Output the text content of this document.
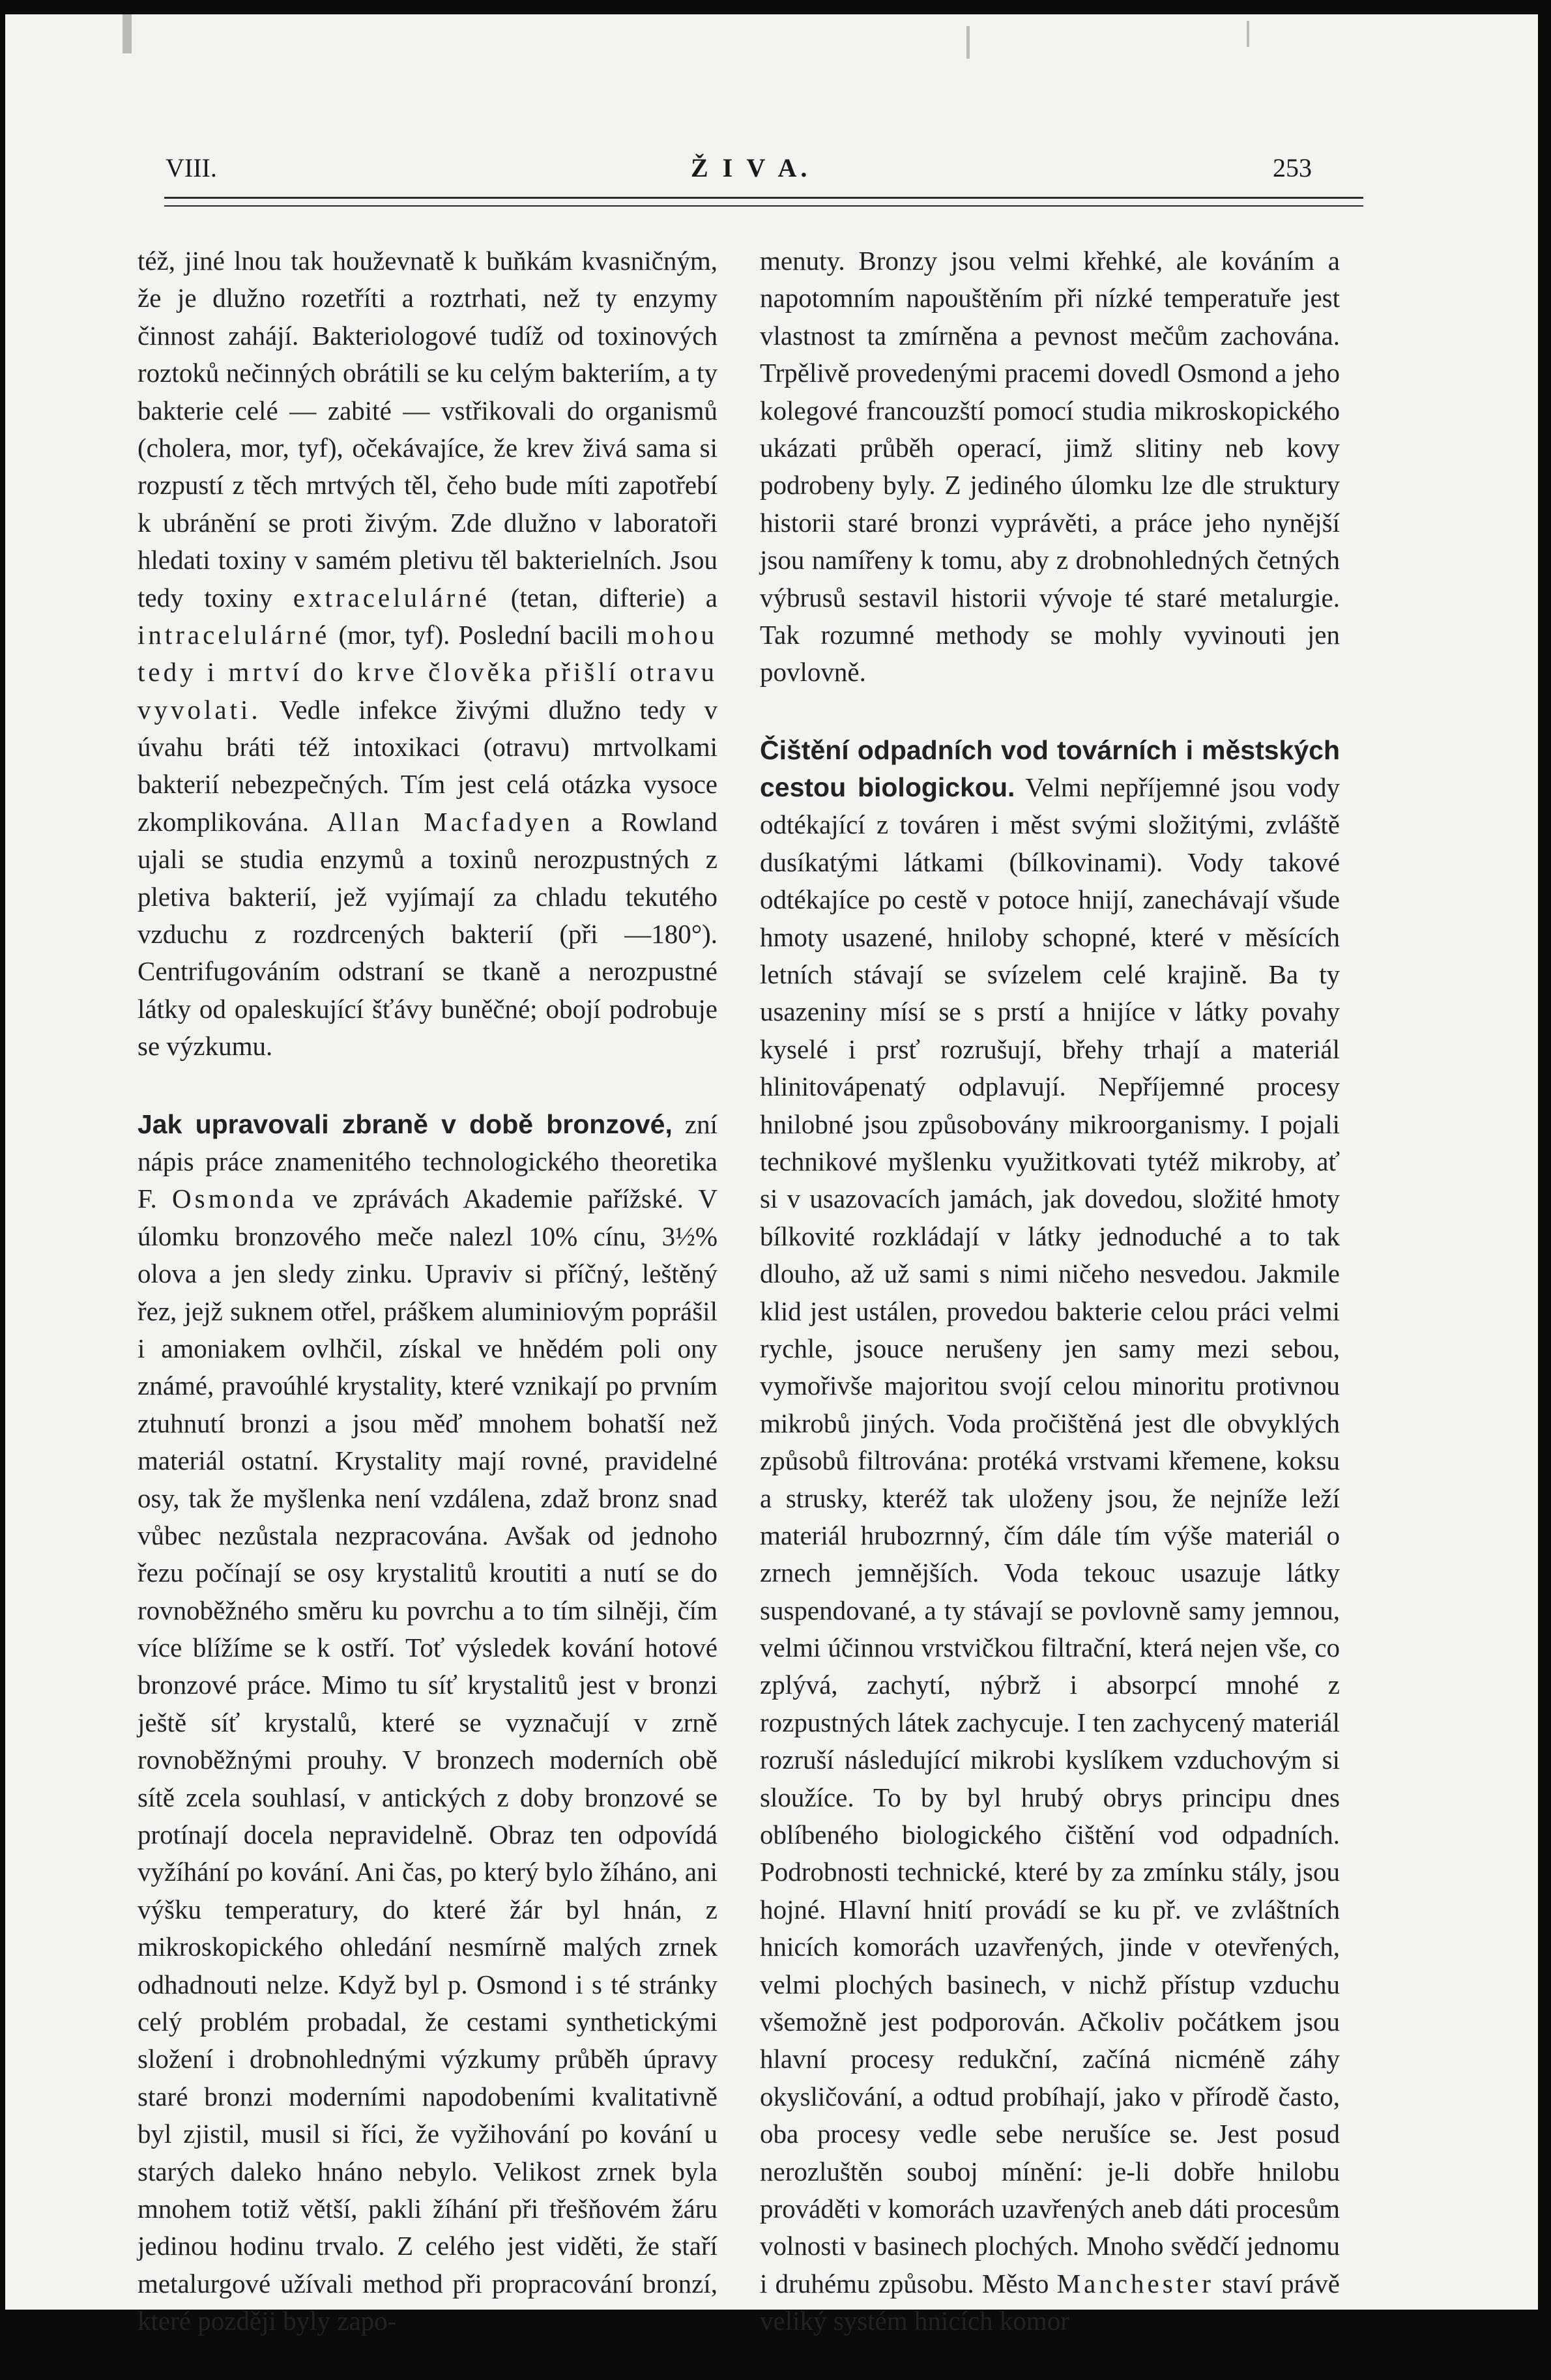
VIII.	Ž I V A.	253

též, jiné lnou tak houževnatě k buňkám kvasničným, že je dlužno rozetříti a roztrhati, než ty enzymy činnost zahájí. Bakteriologové tudíž od toxinových roztoků nečinných obrátili se ku celým bakteriím, a ty bakterie celé — zabité — vstřikovali do organismů (cholera, mor, tyf), očekávajíce, že krev živá sama si rozpustí z těch mrtvých těl, čeho bude míti zapotřebí k ubránění se proti živým. Zde dlužno v laboratoři hledati toxiny v samém pletivu těl bakterielních. Jsou tedy toxiny extracelulárné (tetan, difterie) a intracelulárné (mor, tyf). Poslední bacili mohou tedy i mrtví do krve člověka přišlí otravu vyvolati. Vedle infekce živými dlužno tedy v úvahu bráti též intoxikaci (otravu) mrtvolkami bakterií nebezpečných. Tím jest celá otázka vysoce zkomplikována. Allan Macfadyen a Rowland ujali se studia enzymů a toxinů nerozpustných z pletiva bakterií, jež vyjímají za chladu tekutého vzduchu z rozdrcených bakterií (při —180°). Centrifugováním odstraní se tkaně a nerozpustné látky od opaleskující šťávy buněčné; obojí podrobuje se výzkumu.

Jak upravovali zbraně v době bronzové, zní nápis práce znamenitého technologického theoretika F. Osmonda ve zprávách Akademie pařížské. V úlomku bronzového meče nalezl 10% cínu, 3½% olova a jen sledy zinku. Upraviv si příčný, leštěný řez, jejž suknem otřel, práškem aluminiovým poprášil i amoniakem ovlhčil, získal ve hnědém poli ony známé, pravoúhlé krystality, které vznikají po prvním ztuhnutí bronzi a jsou měď mnohem bohatší než materiál ostatní. Krystality mají rovné, pravidelné osy, tak že myšlenka není vzdálena, zdaž bronz snad vůbec nezůstala nezpracována. Avšak od jednoho řezu počínají se osy krystalitů kroutiti a nutí se do rovnoběžného směru ku povrchu a to tím silněji, čím více blížíme se k ostří. Toť výsledek kování hotové bronzové práce. Mimo tu síť krystalitů jest v bronzi ještě síť krystalů, které se vyznačují v zrně rovnoběžnými prouhy. V bronzech moderních obě sítě zcela souhlasí, v antických z doby bronzové se protínají docela nepravidelně. Obraz ten odpovídá vyžíhání po kování. Ani čas, po který bylo žíháno, ani výšku temperatury, do které žár byl hnán, z mikroskopického ohledání nesmírně malých zrnek odhadnouti nelze. Když byl p. Osmond i s té stránky celý problém probadal, že cestami synthetickými složení i drobnohlednými výzkumy průběh úpravy staré bronzi moderními napodobeními kvalitativně byl zjistil, musil si říci, že vyžihování po kování u starých daleko hnáno nebylo. Velikost zrnek byla mnohem totiž větší, pakli žíhání při třešňovém žáru jedinou hodinu trvalo. Z celého jest viděti, že staří metalurgové užívali method při propracování bronzí, které později byly zapo-

menuty. Bronzy jsou velmi křehké, ale kováním a napotomním napouštěním při nízké temperatuře jest vlastnost ta zmírněna a pevnost mečům zachována. Trpělivě provedenými pracemi dovedl Osmond a jeho kolegové francouzští pomocí studia mikroskopického ukázati průběh operací, jimž slitiny neb kovy podrobeny byly. Z jediného úlomku lze dle struktury historii staré bronzi vyprávěti, a práce jeho nynější jsou namířeny k tomu, aby z drobnohledných četných výbrusů sestavil historii vývoje té staré metalurgie. Tak rozumné methody se mohly vyvinouti jen povlovně.

Čištění odpadních vod továrních i městských cestou biologickou. Velmi nepříjemné jsou vody odtékající z továren i měst svými složitými, zvláště dusíkatými látkami (bílkovinami). Vody takové odtékajíce po cestě v potoce hnijí, zanechávají všude hmoty usazené, hniloby schopné, které v měsících letních stávají se svízelem celé krajině. Ba ty usazeniny mísí se s prstí a hnijíce v látky povahy kyselé i prsť rozrušují, břehy trhají a materiál hlinitovápenatý odplavují. Nepříjemné procesy hnilobné jsou způsobovány mikroorganismy. I pojali technikové myšlenku využitkovati tytéž mikroby, ať si v usazovacích jamách, jak dovedou, složité hmoty bílkovité rozkládají v látky jednoduché a to tak dlouho, až už sami s nimi ničeho nesvedou. Jakmile klid jest ustálen, provedou bakterie celou práci velmi rychle, jsouce nerušeny jen samy mezi sebou, vymořivše majoritou svojí celou minoritu protivnou mikrobů jiných. Voda pročištěná jest dle obvyklých způsobů filtrována: protéká vrstvami křemene, koksu a strusky, kteréž tak uloženy jsou, že nejníže leží materiál hrubozrnný, čím dále tím výše materiál o zrnech jemnějších. Voda tekouc usazuje látky suspendované, a ty stávají se povlovně samy jemnou, velmi účinnou vrstvičkou filtrační, která nejen vše, co zplývá, zachytí, nýbrž i absorpcí mnohé z rozpustných látek zachycuje. I ten zachycený materiál rozruší následující mikrobi kyslíkem vzduchovým si sloužíce. To by byl hrubý obrys principu dnes oblíbeného biologického čištění vod odpadních. Podrobnosti technické, které by za zmínku stály, jsou hojné. Hlavní hnití provádí se ku př. ve zvláštních hnicích komorách uzavřených, jinde v otevřených, velmi plochých basinech, v nichž přístup vzduchu všemožně jest podporován. Ačkoliv počátkem jsou hlavní procesy redukční, začíná nicméně záhy okysličování, a odtud probíhají, jako v přírodě často, oba procesy vedle sebe nerušíce se. Jest posud nerozluštěn souboj mínění: je-li dobře hnilobu prováděti v komorách uzavřených aneb dáti procesům volnosti v basinech plochých. Mnoho svědčí jednomu i druhému způsobu. Město Manchester staví právě veliký systém hnicích komor
